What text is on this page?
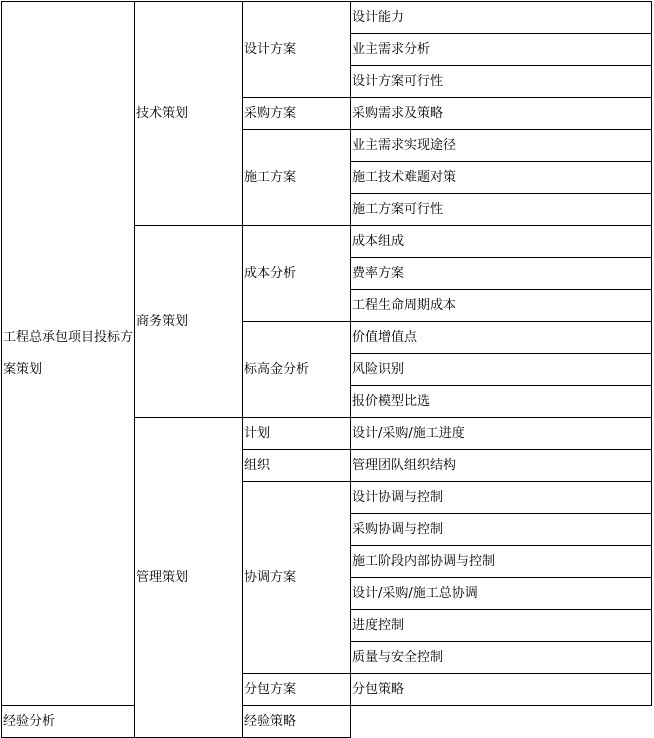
工程总承包项目投标方案策划	技术策划	设计方案	设计能力
			业主需求分析
			设计方案可行性
		采购方案	采购需求及策略
		施工方案	业主需求实现途径
			施工技术难题对策
			施工方案可行性
	商务策划	成本分析	成本组成
			费率方案
			工程生命周期成本
		标高金分析	价值增值点
			风险识别
			报价模型比选
	管理策划	计划	设计/采购/施工进度
		组织	管理团队组织结构
		协调方案	设计协调与控制
			采购协调与控制
			施工阶段内部协调与控制
			设计/采购/施工总协调
			进度控制
			质量与安全控制
		分包方案	分包策略
经验分析		经验策略	
